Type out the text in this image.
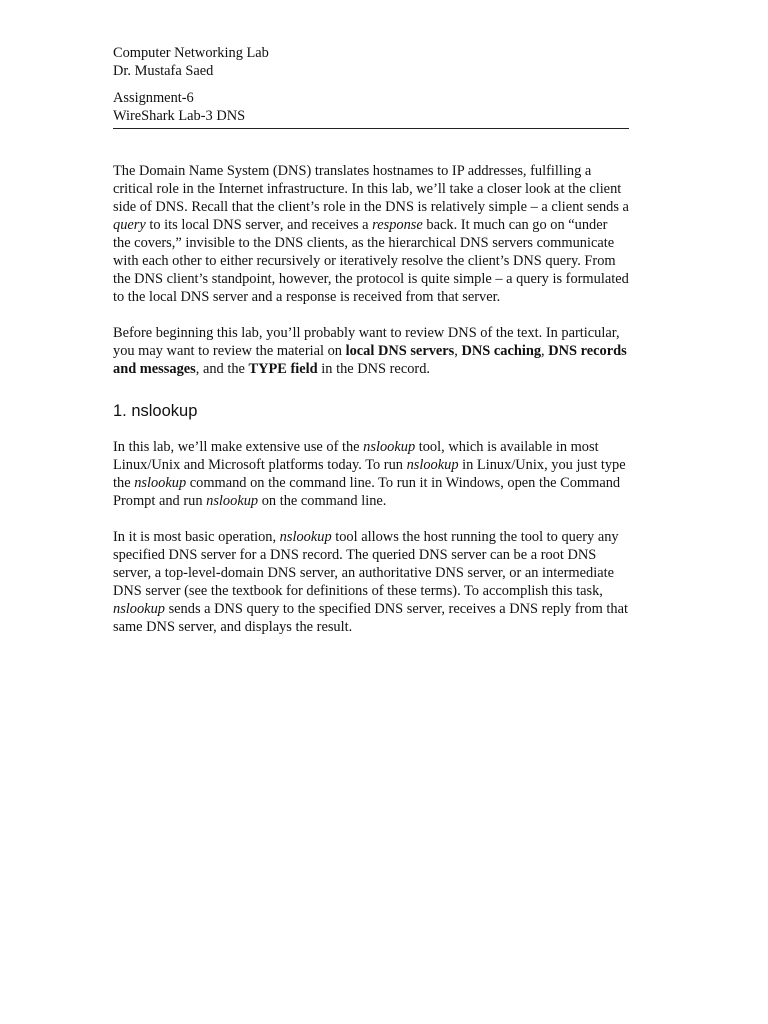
Computer Networking Lab
Dr. Mustafa Saed
Assignment-6
WireShark Lab-3 DNS
The Domain Name System (DNS) translates hostnames to IP addresses, fulfilling a
critical role in the Internet infrastructure. In this lab, we’ll take a closer look at the client
side of DNS. Recall that the client’s role in the DNS is relatively simple – a client sends a
query to its local DNS server, and receives a response back. It much can go on “under
the covers,” invisible to the DNS clients, as the hierarchical DNS servers communicate
with each other to either recursively or iteratively resolve the client’s DNS query. From
the DNS client’s standpoint, however, the protocol is quite simple – a query is formulated
to the local DNS server and a response is received from that server.
Before beginning this lab, you’ll probably want to review DNS of the text. In particular,
you may want to review the material on local DNS servers, DNS caching, DNS records
and messages, and the TYPE field in the DNS record.
1. nslookup
In this lab, we’ll make extensive use of the nslookup tool, which is available in most
Linux/Unix and Microsoft platforms today. To run nslookup in Linux/Unix, you just type
the nslookup command on the command line. To run it in Windows, open the Command
Prompt and run nslookup on the command line.
In it is most basic operation, nslookup tool allows the host running the tool to query any
specified DNS server for a DNS record. The queried DNS server can be a root DNS
server, a top-level-domain DNS server, an authoritative DNS server, or an intermediate
DNS server (see the textbook for definitions of these terms). To accomplish this task,
nslookup sends a DNS query to the specified DNS server, receives a DNS reply from that
same DNS server, and displays the result.
